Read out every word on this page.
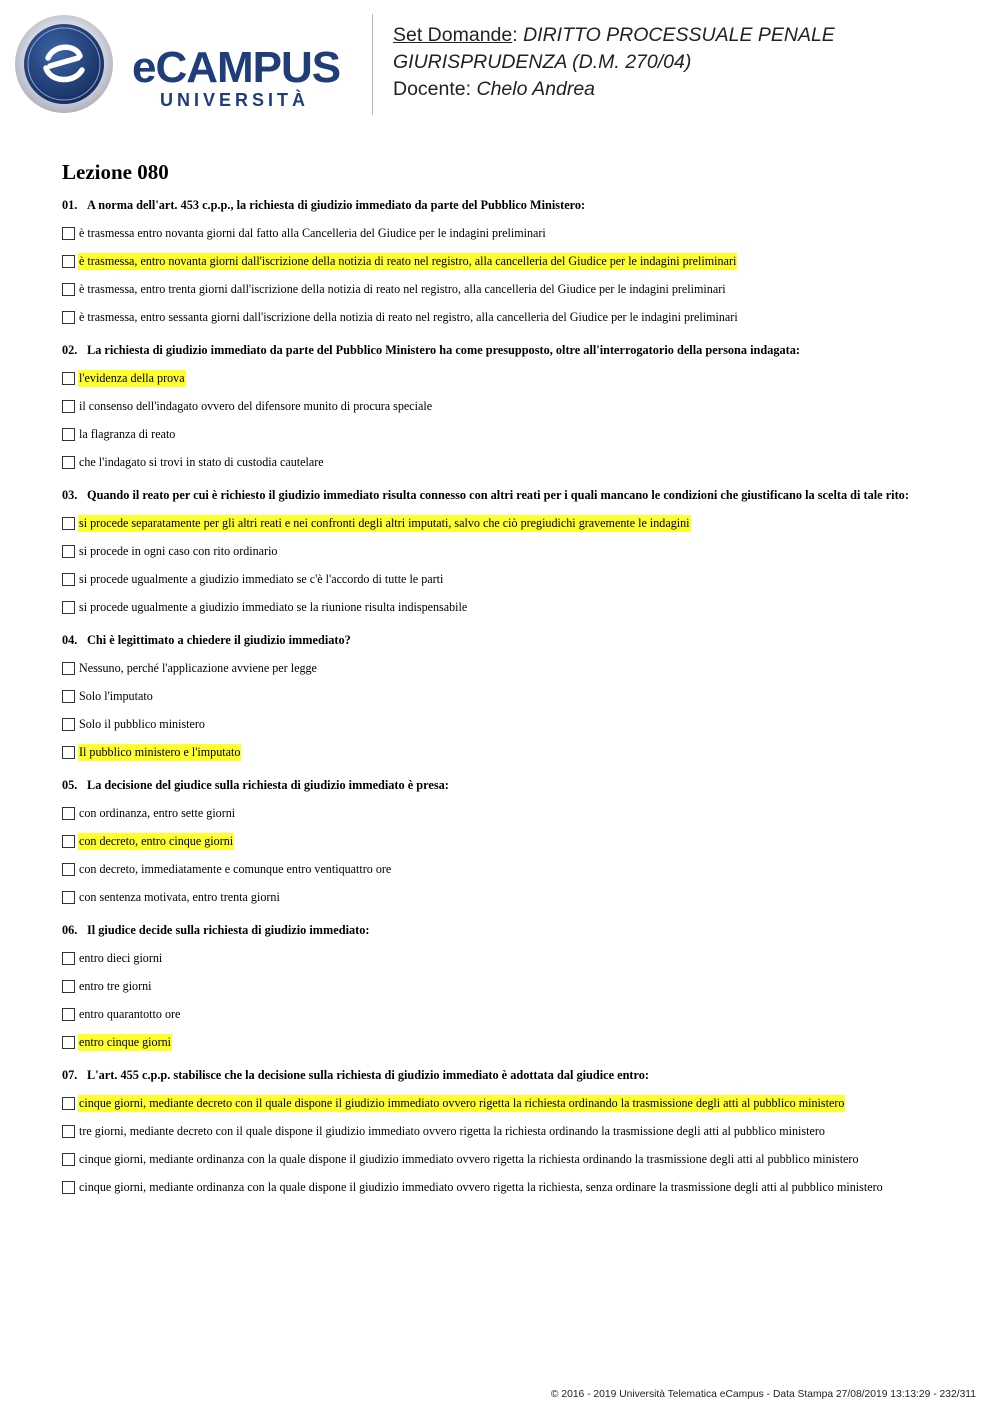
eCAMPUS
UNIVERSITÀ
Set Domande: DIRITTO PROCESSUALE PENALE
GIURISPRUDENZA (D.M. 270/04)
Docente: Chelo Andrea
Lezione 080
01. A norma dell'art. 453 c.p.p., la richiesta di giudizio immediato da parte del Pubblico Ministero:
è trasmessa entro novanta giorni dal fatto alla Cancelleria del Giudice per le indagini preliminari
è trasmessa, entro novanta giorni dall'iscrizione della notizia di reato nel registro, alla cancelleria del Giudice per le indagini preliminari
è trasmessa, entro trenta giorni dall'iscrizione della notizia di reato nel registro, alla cancelleria del Giudice per le indagini preliminari
è trasmessa, entro sessanta giorni dall'iscrizione della notizia di reato nel registro, alla cancelleria del Giudice per le indagini preliminari
02. La richiesta di giudizio immediato da parte del Pubblico Ministero ha come presupposto, oltre all'interrogatorio della persona indagata:
l'evidenza della prova
il consenso dell'indagato ovvero del difensore munito di procura speciale
la flagranza di reato
che l'indagato si trovi in stato di custodia cautelare
03. Quando il reato per cui è richiesto il giudizio immediato risulta connesso con altri reati per i quali mancano le condizioni che giustificano la scelta di tale rito:
si procede separatamente per gli altri reati e nei confronti degli altri imputati, salvo che ciò pregiudichi gravemente le indagini
si procede in ogni caso con rito ordinario
si procede ugualmente a giudizio immediato se c'è l'accordo di tutte le parti
si procede ugualmente a giudizio immediato se la riunione risulta indispensabile
04. Chi è legittimato a chiedere il giudizio immediato?
Nessuno, perché l'applicazione avviene per legge
Solo l'imputato
Solo il pubblico ministero
Il pubblico ministero e l'imputato
05. La decisione del giudice sulla richiesta di giudizio immediato è presa:
con ordinanza, entro sette giorni
con decreto, entro cinque giorni
con decreto, immediatamente e comunque entro ventiquattro ore
con sentenza motivata, entro trenta giorni
06. Il giudice decide sulla richiesta di giudizio immediato:
entro dieci giorni
entro tre giorni
entro quarantotto ore
entro cinque giorni
07. L'art. 455 c.p.p. stabilisce che la decisione sulla richiesta di giudizio immediato è adottata dal giudice entro:
cinque giorni, mediante decreto con il quale dispone il giudizio immediato ovvero rigetta la richiesta ordinando la trasmissione degli atti al pubblico ministero
tre giorni, mediante decreto con il quale dispone il giudizio immediato ovvero rigetta la richiesta ordinando la trasmissione degli atti al pubblico ministero
cinque giorni, mediante ordinanza con la quale dispone il giudizio immediato ovvero rigetta la richiesta ordinando la trasmissione degli atti al pubblico ministero
cinque giorni, mediante ordinanza con la quale dispone il giudizio immediato ovvero rigetta la richiesta, senza ordinare la trasmissione degli atti al pubblico ministero
© 2016 - 2019 Università Telematica eCampus - Data Stampa 27/08/2019 13:13:29 - 232/311
